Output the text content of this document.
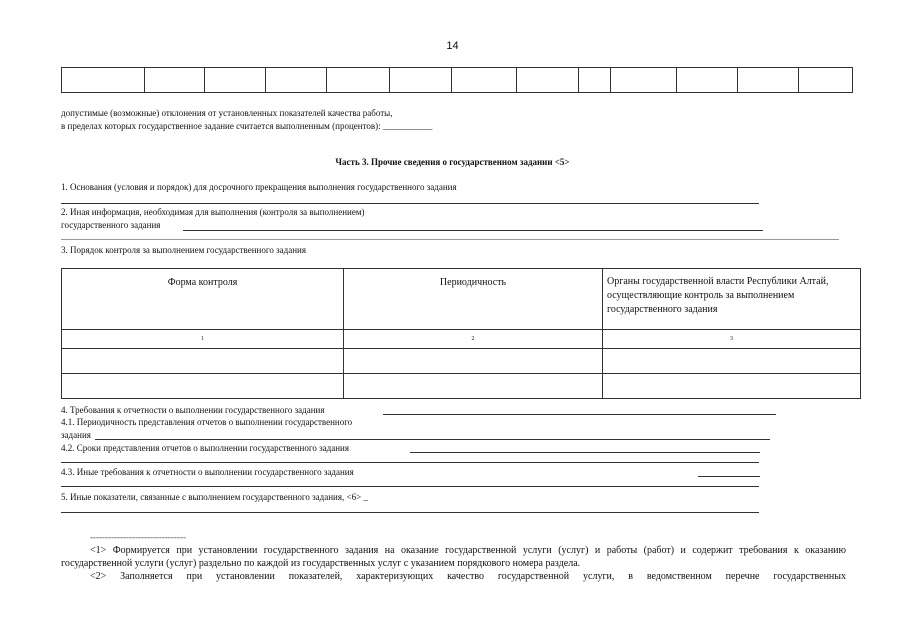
14

допустимые (возможные) отклонения от установленных показателей качества работы,
в пределах которых государственное задание считается выполненным (процентов): ___________
Часть 3. Прочие сведения о государственном задании <5>
1. Основания (условия и порядок) для досрочного прекращения выполнения государственного задания
2. Иная информация, необходимая для выполнения (контроля за выполнением)
государственного задания
3. Порядок контроля за выполнением государственного задания
Форма контроля	Периодичность	Органы государственной власти Республики Алтай, осуществляющие контроль за выполнением государственного задания
1	2	3

4. Требования к отчетности о выполнении государственного задания
4.1. Периодичность представления отчетов о выполнении государственного
задания
4.2. Сроки представления отчетов о выполнении государственного задания
4.3. Иные требования к отчетности о выполнении государственного задания
5. Иные показатели, связанные с выполнением государственного задания, <6> _
--------------------------------
<1> Формируется при установлении государственного задания на оказание государственной услуги (услуг) и работы (работ) и содержит требования к оказанию государственной услуги (услуг) раздельно по каждой из государственных услуг с указанием порядкового номера раздела.
<2> Заполняется при установлении показателей, характеризующих качество государственной услуги, в ведомственном перечне государственных
